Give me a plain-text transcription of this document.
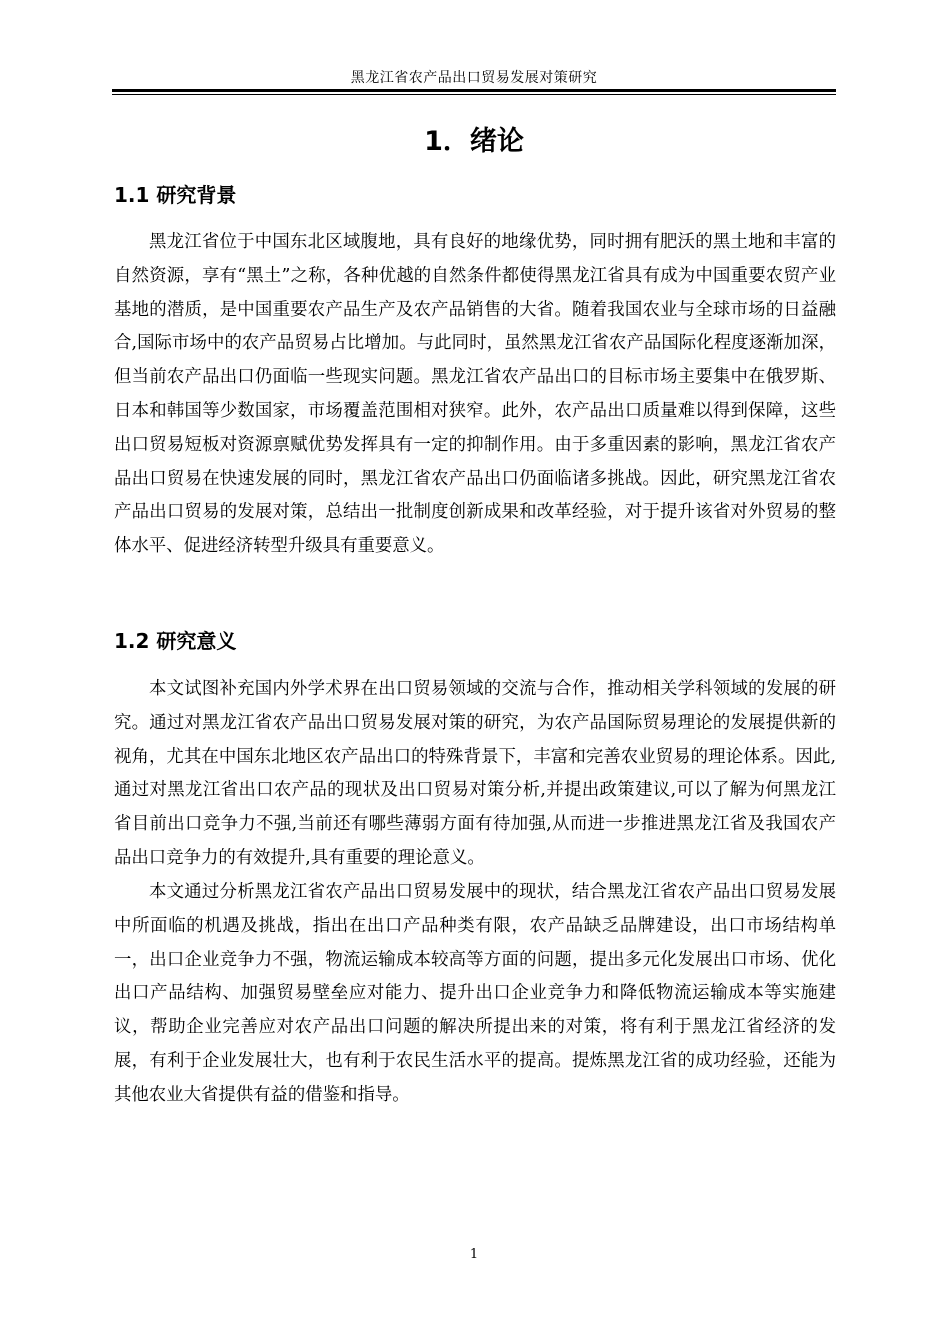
黑龙江省农产品出口贸易发展对策研究
1．绪论
1.1 研究背景

黑龙江省位于中国东北区域腹地，具有良好的地缘优势，同时拥有肥沃的黑土地和丰富的自然资源，享有“黑土”之称，各种优越的自然条件都使得黑龙江省具有成为中国重要农贸产业基地的潜质，是中国重要农产品生产及农产品销售的大省。随着我国农业与全球市场的日益融合,国际市场中的农产品贸易占比增加。与此同时，虽然黑龙江省农产品国际化程度逐渐加深，但当前农产品出口仍面临一些现实问题。黑龙江省农产品出口的目标市场主要集中在俄罗斯、日本和韩国等少数国家，市场覆盖范围相对狭窄。此外，农产品出口质量难以得到保障，这些出口贸易短板对资源禀赋优势发挥具有一定的抑制作用。由于多重因素的影响，黑龙江省农产品出口贸易在快速发展的同时，黑龙江省农产品出口仍面临诸多挑战。因此，研究黑龙江省农产品出口贸易的发展对策，总结出一批制度创新成果和改革经验，对于提升该省对外贸易的整体水平、促进经济转型升级具有重要意义。

1.2 研究意义

本文试图补充国内外学术界在出口贸易领域的交流与合作，推动相关学科领域的发展的研究。通过对黑龙江省农产品出口贸易发展对策的研究，为农产品国际贸易理论的发展提供新的视角，尤其在中国东北地区农产品出口的特殊背景下，丰富和完善农业贸易的理论体系。因此,通过对黑龙江省出口农产品的现状及出口贸易对策分析,并提出政策建议,可以了解为何黑龙江省目前出口竞争力不强,当前还有哪些薄弱方面有待加强,从而进一步推进黑龙江省及我国农产品出口竞争力的有效提升,具有重要的理论意义。

本文通过分析黑龙江省农产品出口贸易发展中的现状，结合黑龙江省农产品出口贸易发展中所面临的机遇及挑战，指出在出口产品种类有限，农产品缺乏品牌建设，出口市场结构单一，出口企业竞争力不强，物流运输成本较高等方面的问题，提出多元化发展出口市场、优化出口产品结构、加强贸易壁垒应对能力、提升出口企业竞争力和降低物流运输成本等实施建议，帮助企业完善应对农产品出口问题的解决所提出来的对策，将有利于黑龙江省经济的发展，有利于企业发展壮大，也有利于农民生活水平的提高。提炼黑龙江省的成功经验，还能为其他农业大省提供有益的借鉴和指导。

1
